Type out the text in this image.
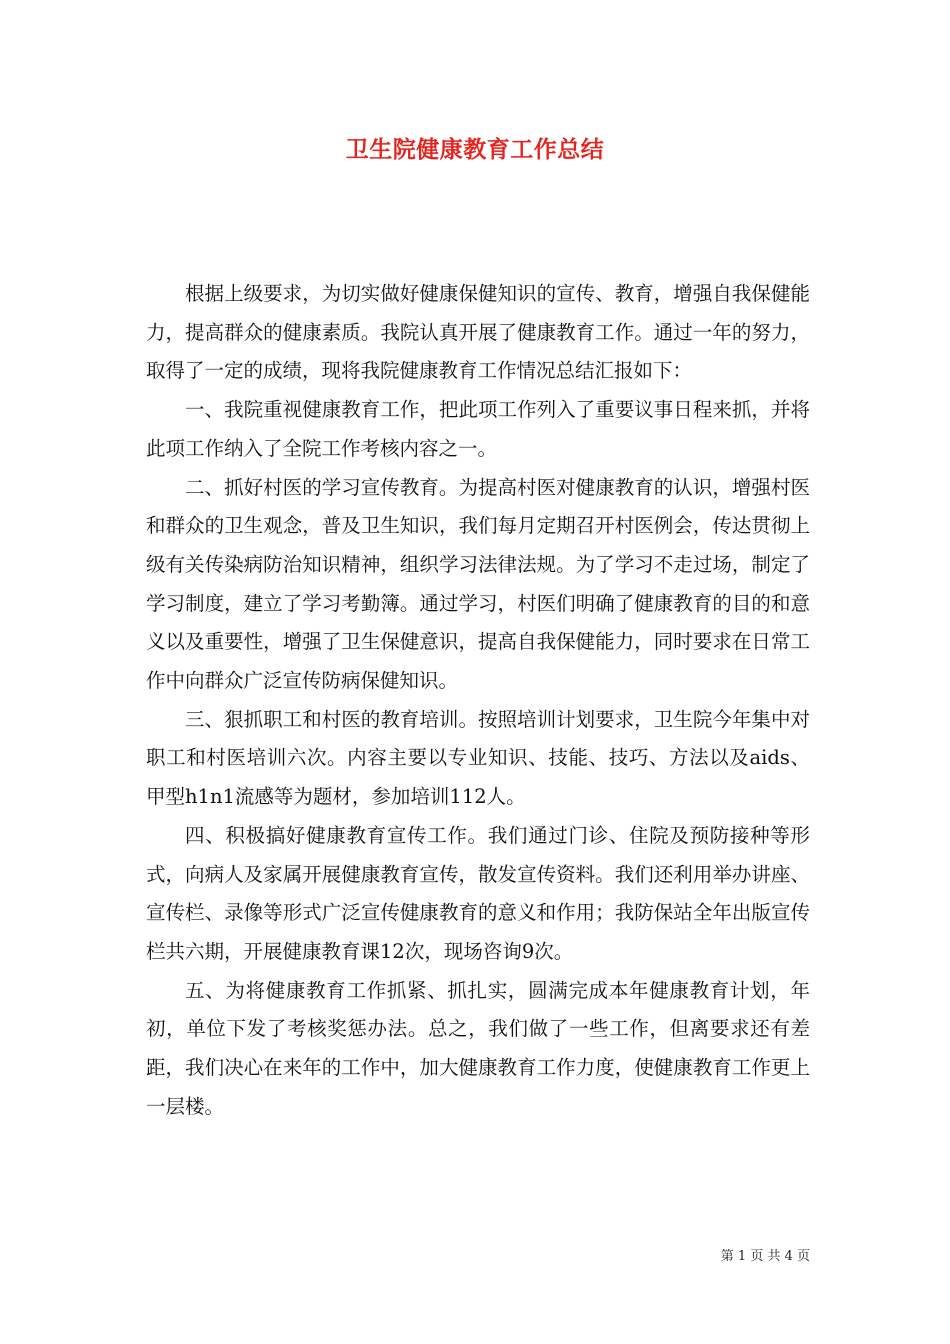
卫生院健康教育工作总结

根据上级要求，为切实做好健康保健知识的宣传、教育，增强自我保健能力，提高群众的健康素质。我院认真开展了健康教育工作。通过一年的努力，取得了一定的成绩，现将我院健康教育工作情况总结汇报如下：

一、我院重视健康教育工作，把此项工作列入了重要议事日程来抓，并将此项工作纳入了全院工作考核内容之一。

二、抓好村医的学习宣传教育。为提高村医对健康教育的认识，增强村医和群众的卫生观念，普及卫生知识，我们每月定期召开村医例会，传达贯彻上级有关传染病防治知识精神，组织学习法律法规。为了学习不走过场，制定了学习制度，建立了学习考勤簿。通过学习，村医们明确了健康教育的目的和意义以及重要性，增强了卫生保健意识，提高自我保健能力，同时要求在日常工作中向群众广泛宣传防病保健知识。

三、狠抓职工和村医的教育培训。按照培训计划要求，卫生院今年集中对职工和村医培训六次。内容主要以专业知识、技能、技巧、方法以及aids、甲型h1n1流感等为题材，参加培训112人。

四、积极搞好健康教育宣传工作。我们通过门诊、住院及预防接种等形式，向病人及家属开展健康教育宣传，散发宣传资料。我们还利用举办讲座、宣传栏、录像等形式广泛宣传健康教育的意义和作用；我防保站全年出版宣传栏共六期，开展健康教育课12次，现场咨询9次。

五、为将健康教育工作抓紧、抓扎实，圆满完成本年健康教育计划，年初，单位下发了考核奖惩办法。总之，我们做了一些工作，但离要求还有差距，我们决心在来年的工作中，加大健康教育工作力度，使健康教育工作更上一层楼。

第 1 页 共 4 页
